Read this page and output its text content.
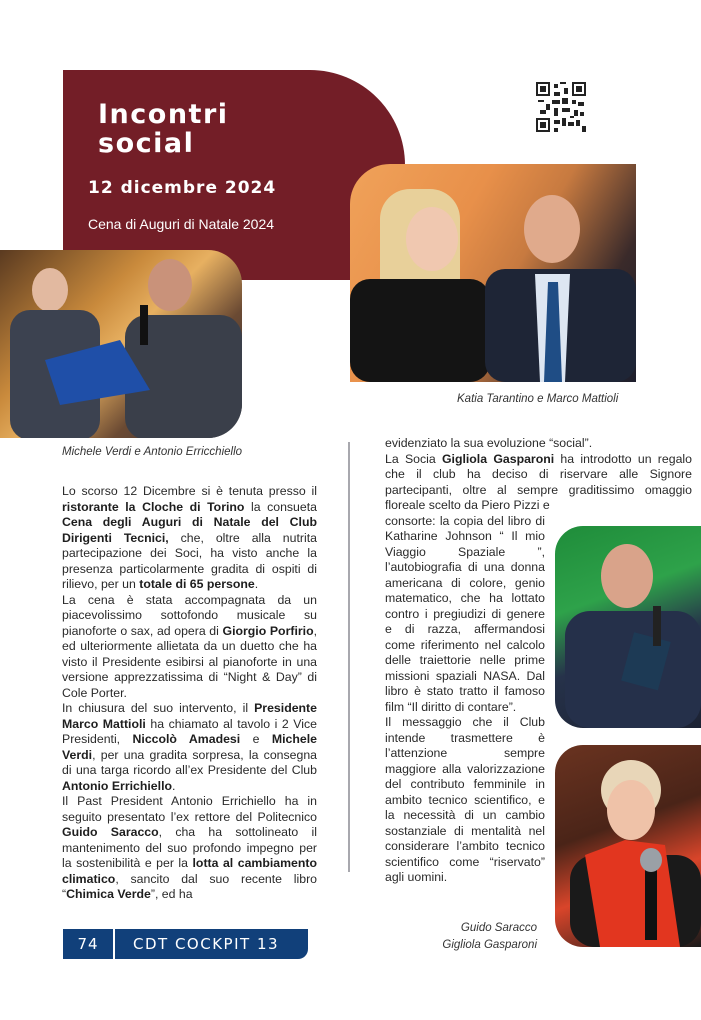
Incontri
social
12 dicembre 2024
Cena di Auguri di Natale 2024
Michele Verdi e Antonio Erricchiello
Katia Tarantino e Marco Mattioli

Lo scorso 12 Dicembre si è tenuta presso il ristorante la Cloche di Torino la consueta Cena degli Auguri di Natale del Club Dirigenti Tecnici, che, oltre alla nutrita partecipazione dei Soci, ha visto anche la presenza particolarmente gradita di ospiti di rilievo, per un totale di 65 persone.

La cena è stata accompagnata da un piacevolissimo sottofondo musicale su pianoforte o sax, ad opera di Giorgio Porfirio, ed ulteriormente allietata da un duetto che ha visto il Presidente esibirsi al pianoforte in una versione apprezzatissima di “Night & Day” di Cole Porter.

In chiusura del suo intervento, il Presidente Marco Mattioli ha chiamato al tavolo i 2 Vice Presidenti, Niccolò Amadesi e Michele Verdi, per una gradita sorpresa, la consegna di una targa ricordo all’ex Presidente del Club Antonio Errichiello.

Il Past President Antonio Errichiello ha in seguito presentato l’ex rettore del Politecnico Guido Saracco, cha ha sottolineato il mantenimento del suo profondo impegno per la sostenibilità e per la lotta al cambiamento climatico, sancito dal suo recente libro “Chimica Verde”, ed ha

evidenziato la sua evoluzione “social”.

La Socia Gigliola Gasparoni ha introdotto un regalo che il club ha deciso di riservare alle Signore partecipanti, oltre al sempre graditissimo omaggio floreale scelto da Piero Pizzi e

consorte: la copia del libro di Katharine Johnson “ Il mio Viaggio Spaziale ”, l’autobiografia di una donna americana di colore, genio matematico, che ha lottato contro i pregiudizi di genere e di razza, affermandosi come riferimento nel calcolo delle traiettorie nelle prime missioni spaziali NASA. Dal libro è stato tratto il famoso film “Il diritto di contare”.

Il messaggio che il Club intende trasmettere è l’attenzione sempre maggiore alla valorizzazione del contributo femminile in ambito tecnico scientifico, e la necessità di un cambio sostanziale di mentalità nel considerare l’ambito tecnico scientifico come “riservato” agli uomini.

Guido Saracco
Gigliola Gasparoni
74	CDT COCKPIT 13
